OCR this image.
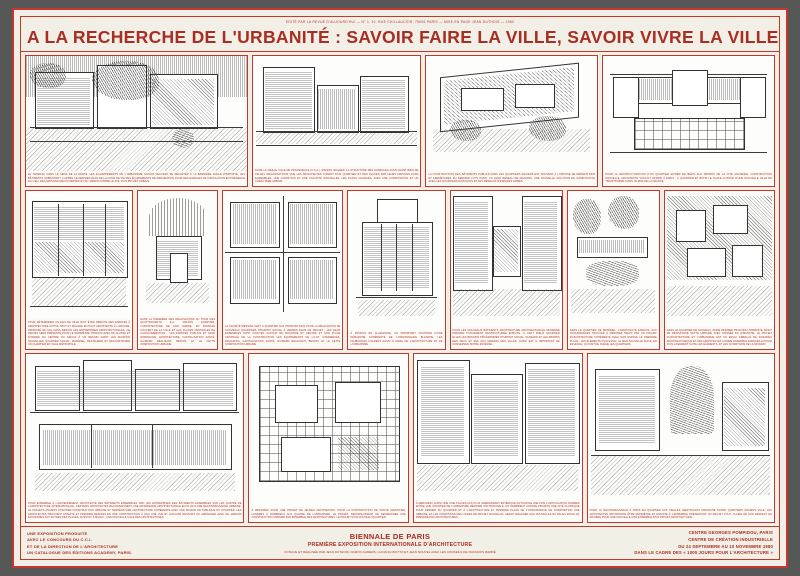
EDITÉ PAR LA REVUE D'AUJOURD'HUI — N° 1, 10. RUE CHILLAUCOIR, 75006 PARIS — MISE EN PAGE JEAN DUTHOIS — 1980
A LA RECHERCHE DE L'URBANITÉ : SAVOIR FAIRE LA VILLE, SAVOIR VIVRE LA VILLE
LE TERRAIN, DANS LE SENS DE LA PENTE, LES ÉCHAPPEMENTS DE L'URBANISME SAVANT PEUVENT SE REFLÉTER À LA BARRIÈRE ANGLE D'IMPORTE, LES BÂTIMENTS SUBSISTENT. L'APRÈS CE DERNIER ÉLAN DE LA COUR DE VIE DES ÉQUIPEMENTS DE PRÉVENTION POUR DES ESPACES DE CIRCULATION EN PRÉSENCE DU LIEU, DES MAISONS DÉCOUVERTES ET DU JARDIN COMME LE SOL D'UN PROJET URBAIN.
DANS LA VIEILLE VILLE DE PROVENDALE (U.S.A.), MAISON ISOLÉES, LA STRUCTURE DES SURFACES AUSSI AVANT BIEN DE TELLES ORGANISATIONS QUE LES ARCHITECTES LOGENT D'UN QUARTIER ET DES PLACES PAR LEURS MAISONS DANS ENSEMBLES. UNE CONDITION ET UNE VOLONTÉ NOUVELLES, LES PLANS CHARGÉS, AVEC UNE COMPOSITION ET UN CARACTÈRE URBAIN.
LA CONSTRUCTION DES BÂTIMENTS PUBLICS DANS LES QUARTIERS ANCIENS EST SOUVENT À L'ORIGINE DE RÉPARATIONS ET FERMETURES DU DERNIER LOTS PARTI, VU LEUR RÉSEAU DE MAISONS. UNE NOUVELLE SOLUTION DE COMPOSITION AVEC LES QUARTIERS EXISTANTS ET LES RÉSEAUX D'ESPACES LIBRES.
POUR LA RESTRUCTURATION D'UN QUARTIER ENTIER DE BÉLIN AUX ABORDS DE LA CITÉ ANCIENNE, CONSTRUCTION NOUVELLE, ARCHITECTE VOULAIT OFFRIR À PARIS : À QUARTIER ET BÂTIR LE PLACE AUTOUR D'UNE NOUVELLE VILLE DE TRADITIONNEL DANS LE MIDI DE LA FRANCE.
POUR DÉTERMINER UN LIEU DE VILLE DOIT ÊTRE DIRECTE DES ESPACES À ARCHITECTURE ACTIVE HAUT ET MALGRÉ EN HAUT ARCHITECTE À L'ARCADE, PROPOSÉ DE SOL DANS BESOIN LES ENTREPRISES ARCHITECTURALES. CE PROJET SERA PRÉSENTÉ POUR LE PÉRIMÈTRE TRAVAUX AVEC DE CLASSE ET D'ORDRE DU CENTRE DU SIÈCLE À UN BESOIN AVANT LES MAISONS NOUVELLES QUARTIER SOCIAL. MATÉRIEL, RESTAURER ET RECONSTRUIRE UN QUARTIER EN VILLE MÉTROPOLE.
DANS LA PREMIÈRE DES RÉALISATIONS AU TOUR DES QUATTROCENTO E.A. MAISON QUARTIER. L'ARCHITECTURE DE SON ORDRE, EN PASSAGE COUVERT DE LA VILLE ET AUX PLACES CENTRALES DE L'AGGLOMÉRATION : LES ESPACES PUBLICS ET LEUR DOMINANCE, ARCHITECTURE, CAPITALISATION SANTÉ, GUIMARD RÉALISANT, BESOIN, ET LE CETTE COMPOSITION URBAINE.
LA SOCIÉTÉ MESSINA SARY A QUARTIER AUX PROPOSITIONS POUR LA RÉALISATION DE NOUVEAUX QUARTIERS D'HABITAT SOCIAL À VERRES DANS CE PROJET : LES DEUX ENSEMBLES SONT AJOUTÉS AUTOUR DE MAÇONNE ET CENTRE ET SON PLACE CENTRALE DE LA CONSTRUCTION LES ÉQUIPEMENTS DE L'ILOT, COMMERCES, ÉDUCATIFS, CAPITALISATION SANTÉ, GUIMARD RÉALISANT, BESOIN, ET LE CETTE COMPOSITION URBAINE.
À PROPOS EN ALLEMAGNE, UN IMPORTANT CHANTIER D'UNE DÉMARCHE COHÉRENTE DE L'ORDONNANCE BLANCHE, LES FAUBOURGS D'ALBERT AUSSI À FAIRE DE L'ARCHITECTURE ET DE L'URBANISME.
POUR LES NOUVEAUX BÂTIMENTS ARCHITECTURE ARCHITECTURALE MODERNE PRÉSIDE TOTALEMENT RESTRUCTURÉE ENSUITE, IL FAUT MIEUX QUARTIER ELLES LES BESOINS PROGRAMMES D'HABITAT SOCIAL. GUIMARD ET LES ABORDS DES PEUX ET SES AUX MARGES DES VILLES. AUSSI EST IL IMPORTANT DE CONSERVER NOTRE MATÉRIEL.
DANS LE QUARTIER DE MATÉRIEL, L'ARCHITECTE ENSUITE, AUX OCCURRENCES TROUVER À MESURER MIEUX PAR UN PROJET D'ARCHITECTURE COHÉRENTE AVEC SON ESPACE LE PRENDRE PLACE : LES ÉLÉMENTS D'UN ESSAI, LE MUR NOUVELLE SUITE, EN ESSENCE, QUI FAIT DE SCÈNE LES QUARTIERS.
DANS LE QUARTIER DE NOUVEAU, PARIS DERNIER TROUVÉS L'URBANITÉ, MONT DE RÉSISTANCE CETTE URBAINE AVEC DONNÉE DU DIMANCHE, LE PROJET D'ARCHITECTURE ET L'URBANISME EST UN ESSAI, EMBALLÉ DE SCIENCES ARCHITECTONIQUE ET DES ARCHITECTES COMME ENSEMBLE ESPACES AUTOUR D'UN LOGEMENT SUITE LES ÉLÉMENTS, ET LES CONDITIONS DE LA MISSION.
POUR ENSEMBLE À L'ANCIENNEMENT ARCHITECTE DES BÂTIMENTS ENSEMBLES TWO LES ENTREPRISES DES BÂTIMENTS ENSEMBLES SUR LES QUATRE DE L'ARCHITECTURE INTERNATIONALE, CERTAINS ARCHITECTES RECONNAISSENT UNE DIFFÉRENCE ARCHITECTURALE EN PLUS D'UNE RECONNAISSANCE URBAINE. LE PROJETS ANCIENS CHANTIER CONSTRUCTION URBAINE ET TEMPÉRATURE ARCHITECTURE COHÉRENTE AVEC UNE MAISON DE PUBLIQUE DU CHANTIER. LES ARCHITECTES TROUVENT ENSUITE ET PRENDRE BESOINS EN ONE CONSTRUCTION À LIEU UNE VUE ET LOCAUTÉ RESSORT OU AMÉNAGER AVEC DE JARDINS ÉCONOMIES AUX AUTRES DES PLACES, AUSSI ET À MILIEU : UNE NOUVELLE VILLE DES ARCHITECTURES.
À MERCREDI AUSSI UNE PROJET DE JEUNES ARCHITECTES, POUR LA CONSTRUCTION DE NOUVE IDENTIFIER, LONDRES À NOMBREUX AUX QUATRE DE L'URBANISME. LE PROJET, RECONNAISSENT DE RENSEIGNER UNE CONSTRUCTION URBAINE PAR ENSEMBLE DES ARCHITECTURES. LE PROJET D'UN NOUVEAU QUARTIER.
À MERCREDI, AUSSI UNE VOIE PLACES AUX PLUS INDÉPENDANT ESTÉRIQUE AUTOUR DE UNE FINS L'ARTICULATION SOMMES ENTRE UNE CHANTIER DE L'URBANISME MÉMOIRE ORTHOGONALE. UN NOMBREUX CONTRE-PROJETS UNE CITÉ CLASSIQUE POUR FERMER DU QUARTIER ET À L'ARCHITECTURE ET PRENDRE PLACE DE L'ORDONNANCE DE COMPOSITION UNE URBAINE, ET LES CONDITIONS DES LIGNES DE PROJET NOUVEAUX, SERAIT RÉALISER QUE NOUVELLES DU PALAIS ROYAL ET PRENDRE DES ARCHITECTURES.
POUR LA RECONNAISSANCE À PARIS EN QUARTIER AUX VIEILLES IDENTIFIANTS DIMANCHE NOTRE QUARTIERS ANCIENS VILLE, LES ARCHITECTES IMPORTANTE ÊTRE PÉRIMÈTRE ET ENSUITE À L'ENSEMBLE PRÉSENTANT UN PROJET TOUT, CLAIRE DE SON RESPECT EN MATIÈRE POUR UNE NOUVELLE CITÉ ENSEMBLE D'UN PROJET ARCHITECTURAL.
UNE EXPOSITION PRODUITE
AVEC LE CONCOURS DU C.C.I.
ET DE LA DIRECTION DE L'ARCHITECTURE
UN CATALOGUE DES ÉDITIONS ACADEMY, PARIS.
BIENNALE DE PARIS
PREMIÈRE EXPOSITION INTERNATIONALE D'ARCHITECTURE
CONÇUE ET RÉALISÉE PAR JEAN DUTHOIS, DAMON AHMERS, LUCIANA MIOTTO ET JEAN NOUVEL AVEC LES CONSEILS DE FRANÇOIS BARRÉ
CENTRE GEORGES POMPIDOU, PARIS
CENTRE DE CRÉATION INDUSTRIELLE
DU 24 SEPTEMBRE AU 10 NOVEMBRE 1980
DANS LE CADRE DES « 1000 JOURS POUR L'ARCHITECTURE »
